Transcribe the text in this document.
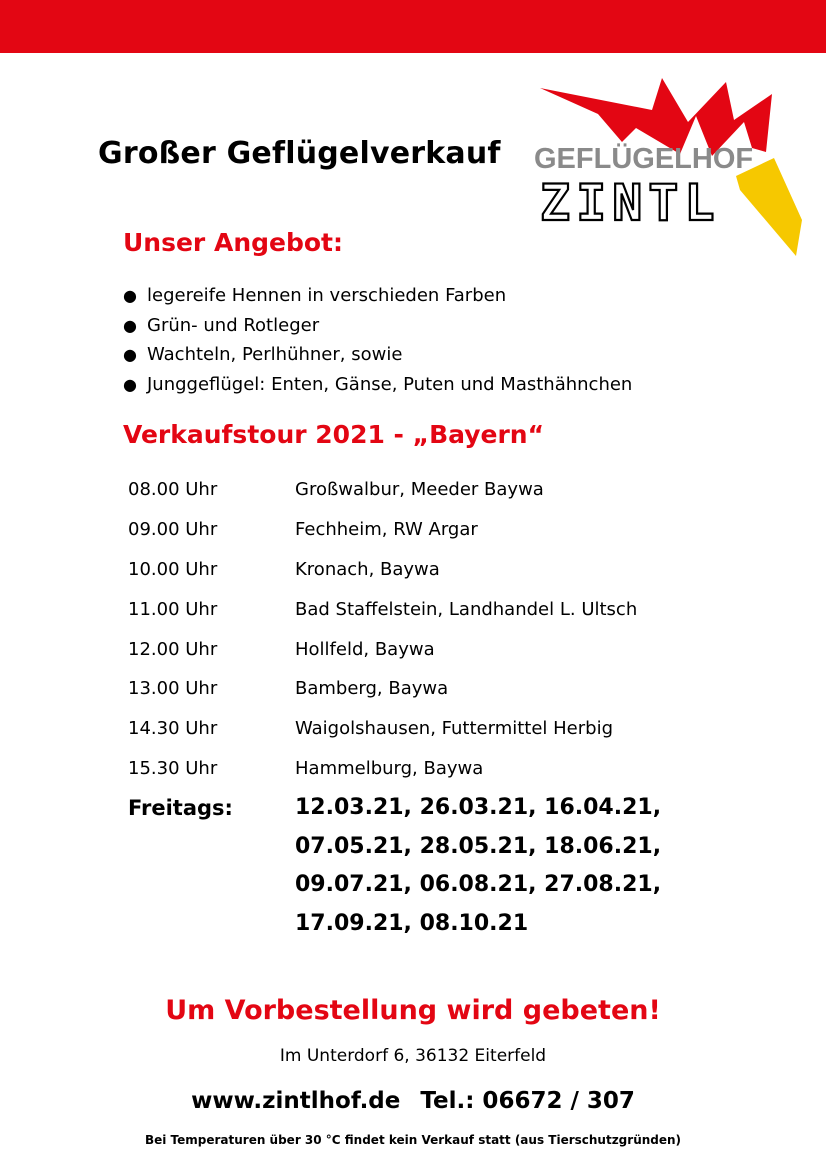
Großer Geflügelverkauf GEFLÜGELHOF
ZINTL
Unser Angebot:
● legereife Hennen in verschieden Farben
● Grün- und Rotleger
● Wachteln, Perlhühner, sowie
● Junggeflügel: Enten, Gänse, Puten und Masthähnchen
Verkaufstour 2021 - „Bayern“
08.00 Uhr	Großwalbur, Meeder Baywa
09.00 Uhr	Fechheim, RW Argar
10.00 Uhr	Kronach, Baywa
11.00 Uhr	Bad Staffelstein, Landhandel L. Ultsch
12.00 Uhr	Hollfeld, Baywa
13.00 Uhr	Bamberg, Baywa
14.30 Uhr	Waigolshausen, Futtermittel Herbig
15.30 Uhr	Hammelburg, Baywa
Freitags:	12.03.21, 26.03.21, 16.04.21,
07.05.21, 28.05.21, 18.06.21,
09.07.21, 06.08.21, 27.08.21,
17.09.21, 08.10.21
Um Vorbestellung wird gebeten!
Im Unterdorf 6, 36132 Eiterfeld
www.zintlhof.de Tel.: 06672 / 307
Bei Temperaturen über 30 °C findet kein Verkauf statt (aus Tierschutzgründen)
